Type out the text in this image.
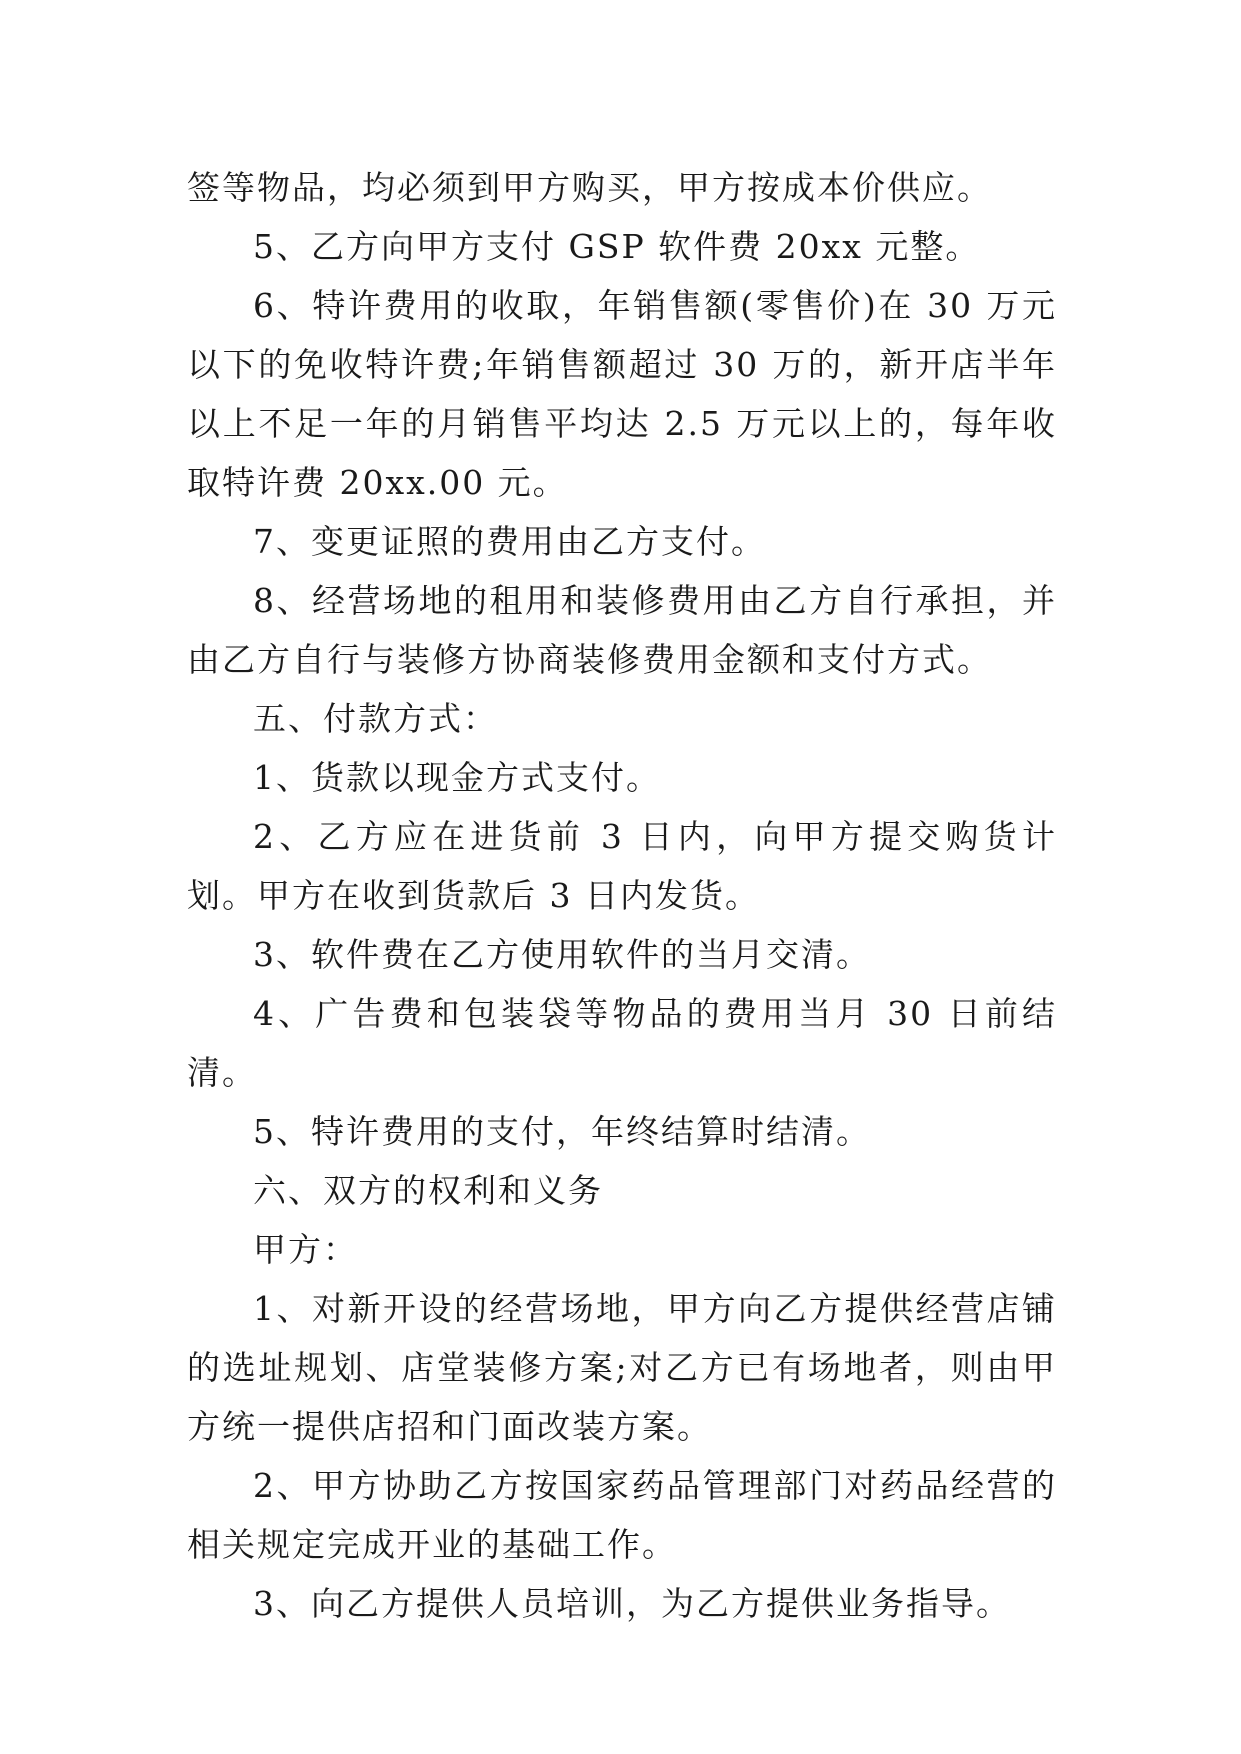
签等物品，均必须到甲方购买，甲方按成本价供应。

5、乙方向甲方支付 GSP 软件费 20xx 元整。

6、特许费用的收取，年销售额(零售价)在 30 万元以下的免收特许费;年销售额超过 30 万的，新开店半年以上不足一年的月销售平均达 2.5 万元以上的，每年收取特许费 20xx.00 元。

7、变更证照的费用由乙方支付。

8、经营场地的租用和装修费用由乙方自行承担，并由乙方自行与装修方协商装修费用金额和支付方式。

五、付款方式：

1、货款以现金方式支付。

2、乙方应在进货前 3 日内，向甲方提交购货计划。甲方在收到货款后 3 日内发货。

3、软件费在乙方使用软件的当月交清。

4、广告费和包装袋等物品的费用当月 30 日前结清。

5、特许费用的支付，年终结算时结清。

六、双方的权利和义务

甲方：

1、对新开设的经营场地，甲方向乙方提供经营店铺的选址规划、店堂装修方案;对乙方已有场地者，则由甲方统一提供店招和门面改装方案。

2、甲方协助乙方按国家药品管理部门对药品经营的相关规定完成开业的基础工作。

3、向乙方提供人员培训，为乙方提供业务指导。
